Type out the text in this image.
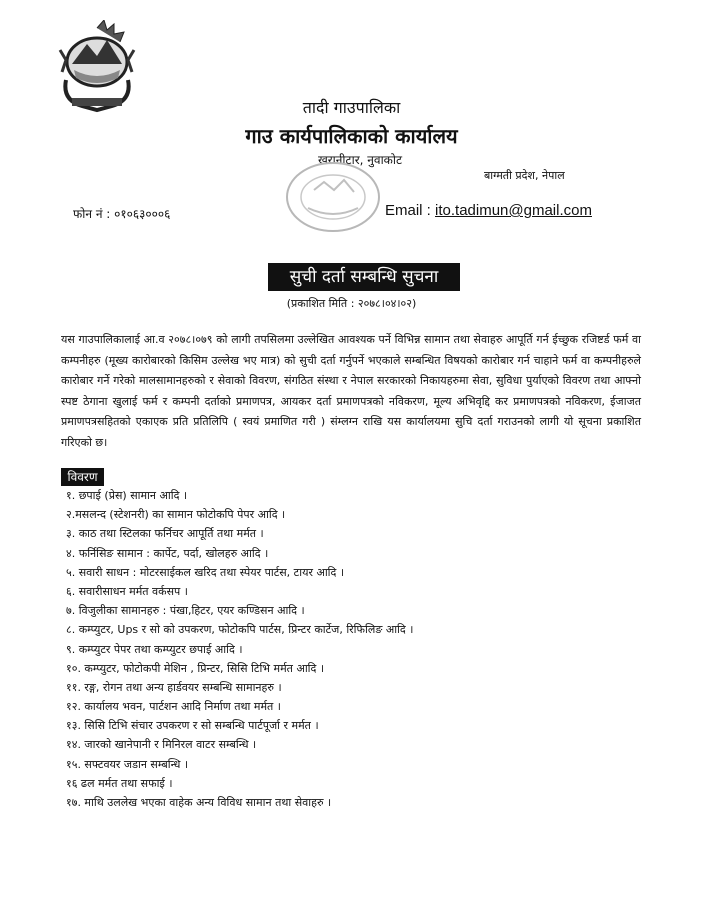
तादी गाउपालिका
गाउ कार्यपालिकाको कार्यालय
खरानीटार, नुवाकोट
बाग्मती प्रदेश, नेपाल
फोन नं : ०१०६३०००६	Email : ito.tadimun@gmail.com
सुची दर्ता सम्बन्धि सुचना
(प्रकाशित मिति : २०७८।०४।०२)
यस गाउपालिकालाई आ.व २०७८।०७९ को लागी तपसिलमा उल्लेखित आवश्यक पर्ने विभिन्न सामान तथा सेवाहरु आपूर्ति गर्न ईच्छुक रजिष्टर्ड फर्म वा कम्पनीहरु (मूख्य कारोबारको किसिम उल्लेख भए मात्र) को सुची दर्ता गर्नुपर्ने भएकाले सम्बन्धित विषयको कारोबार गर्न चाहाने फर्म वा कम्पनीहरुले कारोबार गर्ने गरेको मालसामानहरुको र सेवाको विवरण, संगठित संस्था र नेपाल सरकारको निकायहरुमा सेवा, सुविधा पुर्याएको विवरण तथा आफ्नो स्पष्ट ठेगाना खुलाई फर्म र कम्पनी दर्ताको प्रमाणपत्र, आयकर दर्ता प्रमाणपत्रको नविकरण, मूल्य अभिवृद्दि कर प्रमाणपत्रको नविकरण, ईजाजत प्रमाणपत्रसहितको एकाएक प्रति प्रतिलिपि ( स्वयं प्रमाणित गरी ) संम्लग्न राखि यस कार्यालयमा सुचि दर्ता गराउनको लागी यो सूचना प्रकाशित गरिएको छ।
विवरण
१. छपाई (प्रेस) सामान आदि ।
२.मसलन्द (स्टेशनरी) का सामान फोटोकपि पेपर आदि ।
३. काठ तथा स्टिलका फर्निचर आपूर्ति तथा मर्मत ।
४. फर्निसिङ सामान : कार्पेट, पर्दा, खोलहरु आदि ।
५. सवारी साधन : मोटरसाईकल खरिद तथा स्पेयर पार्टस, टायर आदि ।
६. सवारीसाधन मर्मत वर्कसप ।
७. विजुलीका सामानहरु : पंखा,हिटर, एयर कण्डिसन आदि ।
८. कम्प्युटर, Ups र सो को उपकरण, फोटोकपि पार्टस, प्रिन्टर कार्टेज, रिफिलिङ आदि ।
९. कम्प्युटर पेपर तथा कम्प्युटर छपाई आदि ।
१०. कम्प्युटर, फोटोकपी मेशिन , प्रिन्टर, सिसि टिभि मर्मत आदि ।
११. रङ्ग, रोगन तथा अन्य हार्डवयर सम्बन्धि सामानहरु ।
१२. कार्यालय भवन, पार्टशन आदि निर्माण तथा मर्मत ।
१३. सिसि टिभि संचार उपकरण र सो सम्बन्धि पार्टपूर्जा र मर्मत ।
१४. जारको खानेपानी र मिनिरल वाटर सम्बन्धि ।
१५. सफ्टवयर जडान सम्बन्धि ।
१६ ढल मर्मत तथा सफाई ।
१७. माथि उललेख भएका वाहेक अन्य विविध सामान तथा सेवाहरु ।
